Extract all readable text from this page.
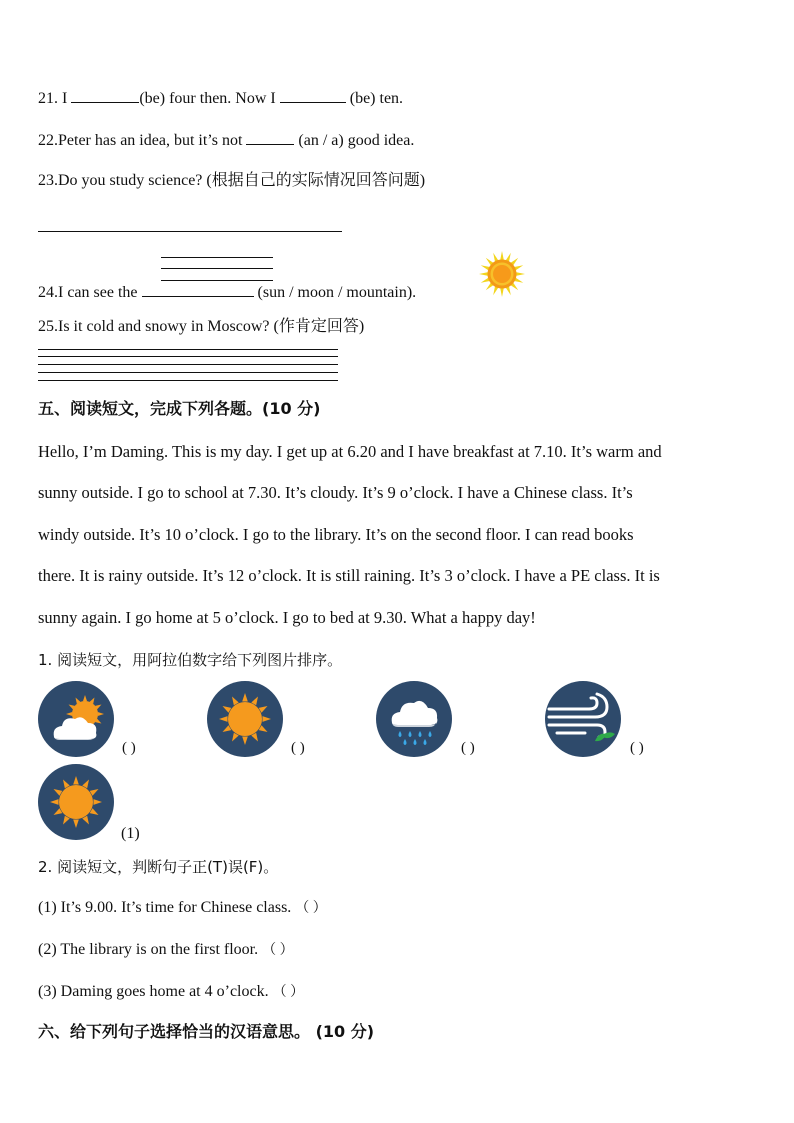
21. I	(be) four then. Now I	(be) ten.
22.Peter has an idea, but it’s not	(an / a) good idea.
23.Do you study science? (根据自己的实际情况回答问题)
24.I can see the	(sun / moon / mountain).
25.Is it cold and snowy in Moscow? (作肯定回答)
五、阅读短文，完成下列各题。(10 分)
Hello, I’m Daming. This is my day. I get up at 6.20 and I have breakfast at 7.10. It’s warm and
sunny outside. I go to school at 7.30. It’s cloudy. It’s 9 o’clock. I have a Chinese class. It’s
windy outside. It’s 10 o’clock. I go to the library. It’s on the second floor. I can read books
there. It is rainy outside. It’s 12 o’clock. It is still raining. It’s 3 o’clock. I have a PE class. It is
sunny again. I go home at 5 o’clock. I go to bed at 9.30. What a happy day!
1. 阅读短文，用阿拉伯数字给下列图片排序。
( )	( )	( )	( )
(1)
2. 阅读短文，判断句子正(T)误(F)。
(1) It’s 9.00. It’s time for Chinese class. （ ）
(2) The library is on the first floor. （ ）
(3) Daming goes home at 4 o’clock. （ ）
六、给下列句子选择恰当的汉语意思。 (10 分)
